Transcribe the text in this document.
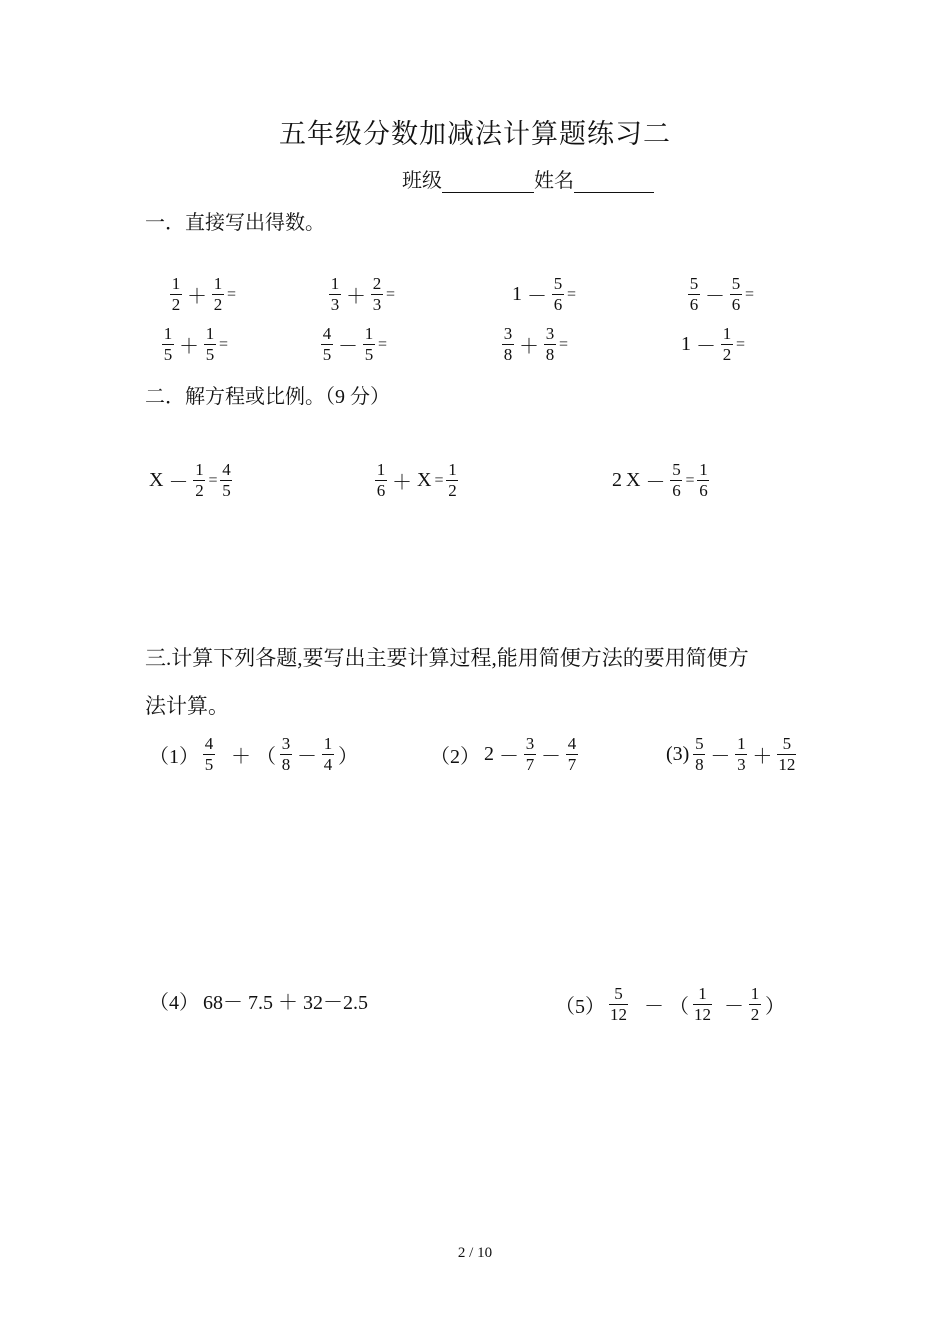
五年级分数加减法计算题练习二
班级	姓名
一．直接写出得数。
$\frac{1}{2} + \frac{1}{2}$ =	$\frac{1}{3} + \frac{2}{3}$ =	$1 - \frac{5}{6}$ =	$\frac{5}{6} - \frac{5}{6}$ =
$\frac{1}{5} + \frac{1}{5}$ =	$\frac{4}{5} - \frac{1}{5}$ =	$\frac{3}{8} + \frac{3}{8}$ =	$1 - \frac{1}{2}$ =
二．解方程或比例。（9 分）
$X - \frac{1}{2} = \frac{4}{5}$	$\frac{1}{6} + X = \frac{1}{2}$	2 $X - \frac{5}{6} = \frac{1}{6}$
三.计算下列各题,要写出主要计算过程,能用简便方法的要用简便方
法计算。
$(1) \frac{4}{5}$ ＋ （ $\frac{3}{8} - \frac{1}{4}$ ）	（2） $2 - \frac{3}{7} - \frac{4}{7}$	$(3) \frac{5}{8} - \frac{1}{3} + \frac{5}{12}$
（4） 68－ 7.5 ＋ 32－2.5	$(5) \frac{5}{12}$ － （ $\frac{1}{12} - \frac{1}{2}$ ）
2 / 10
